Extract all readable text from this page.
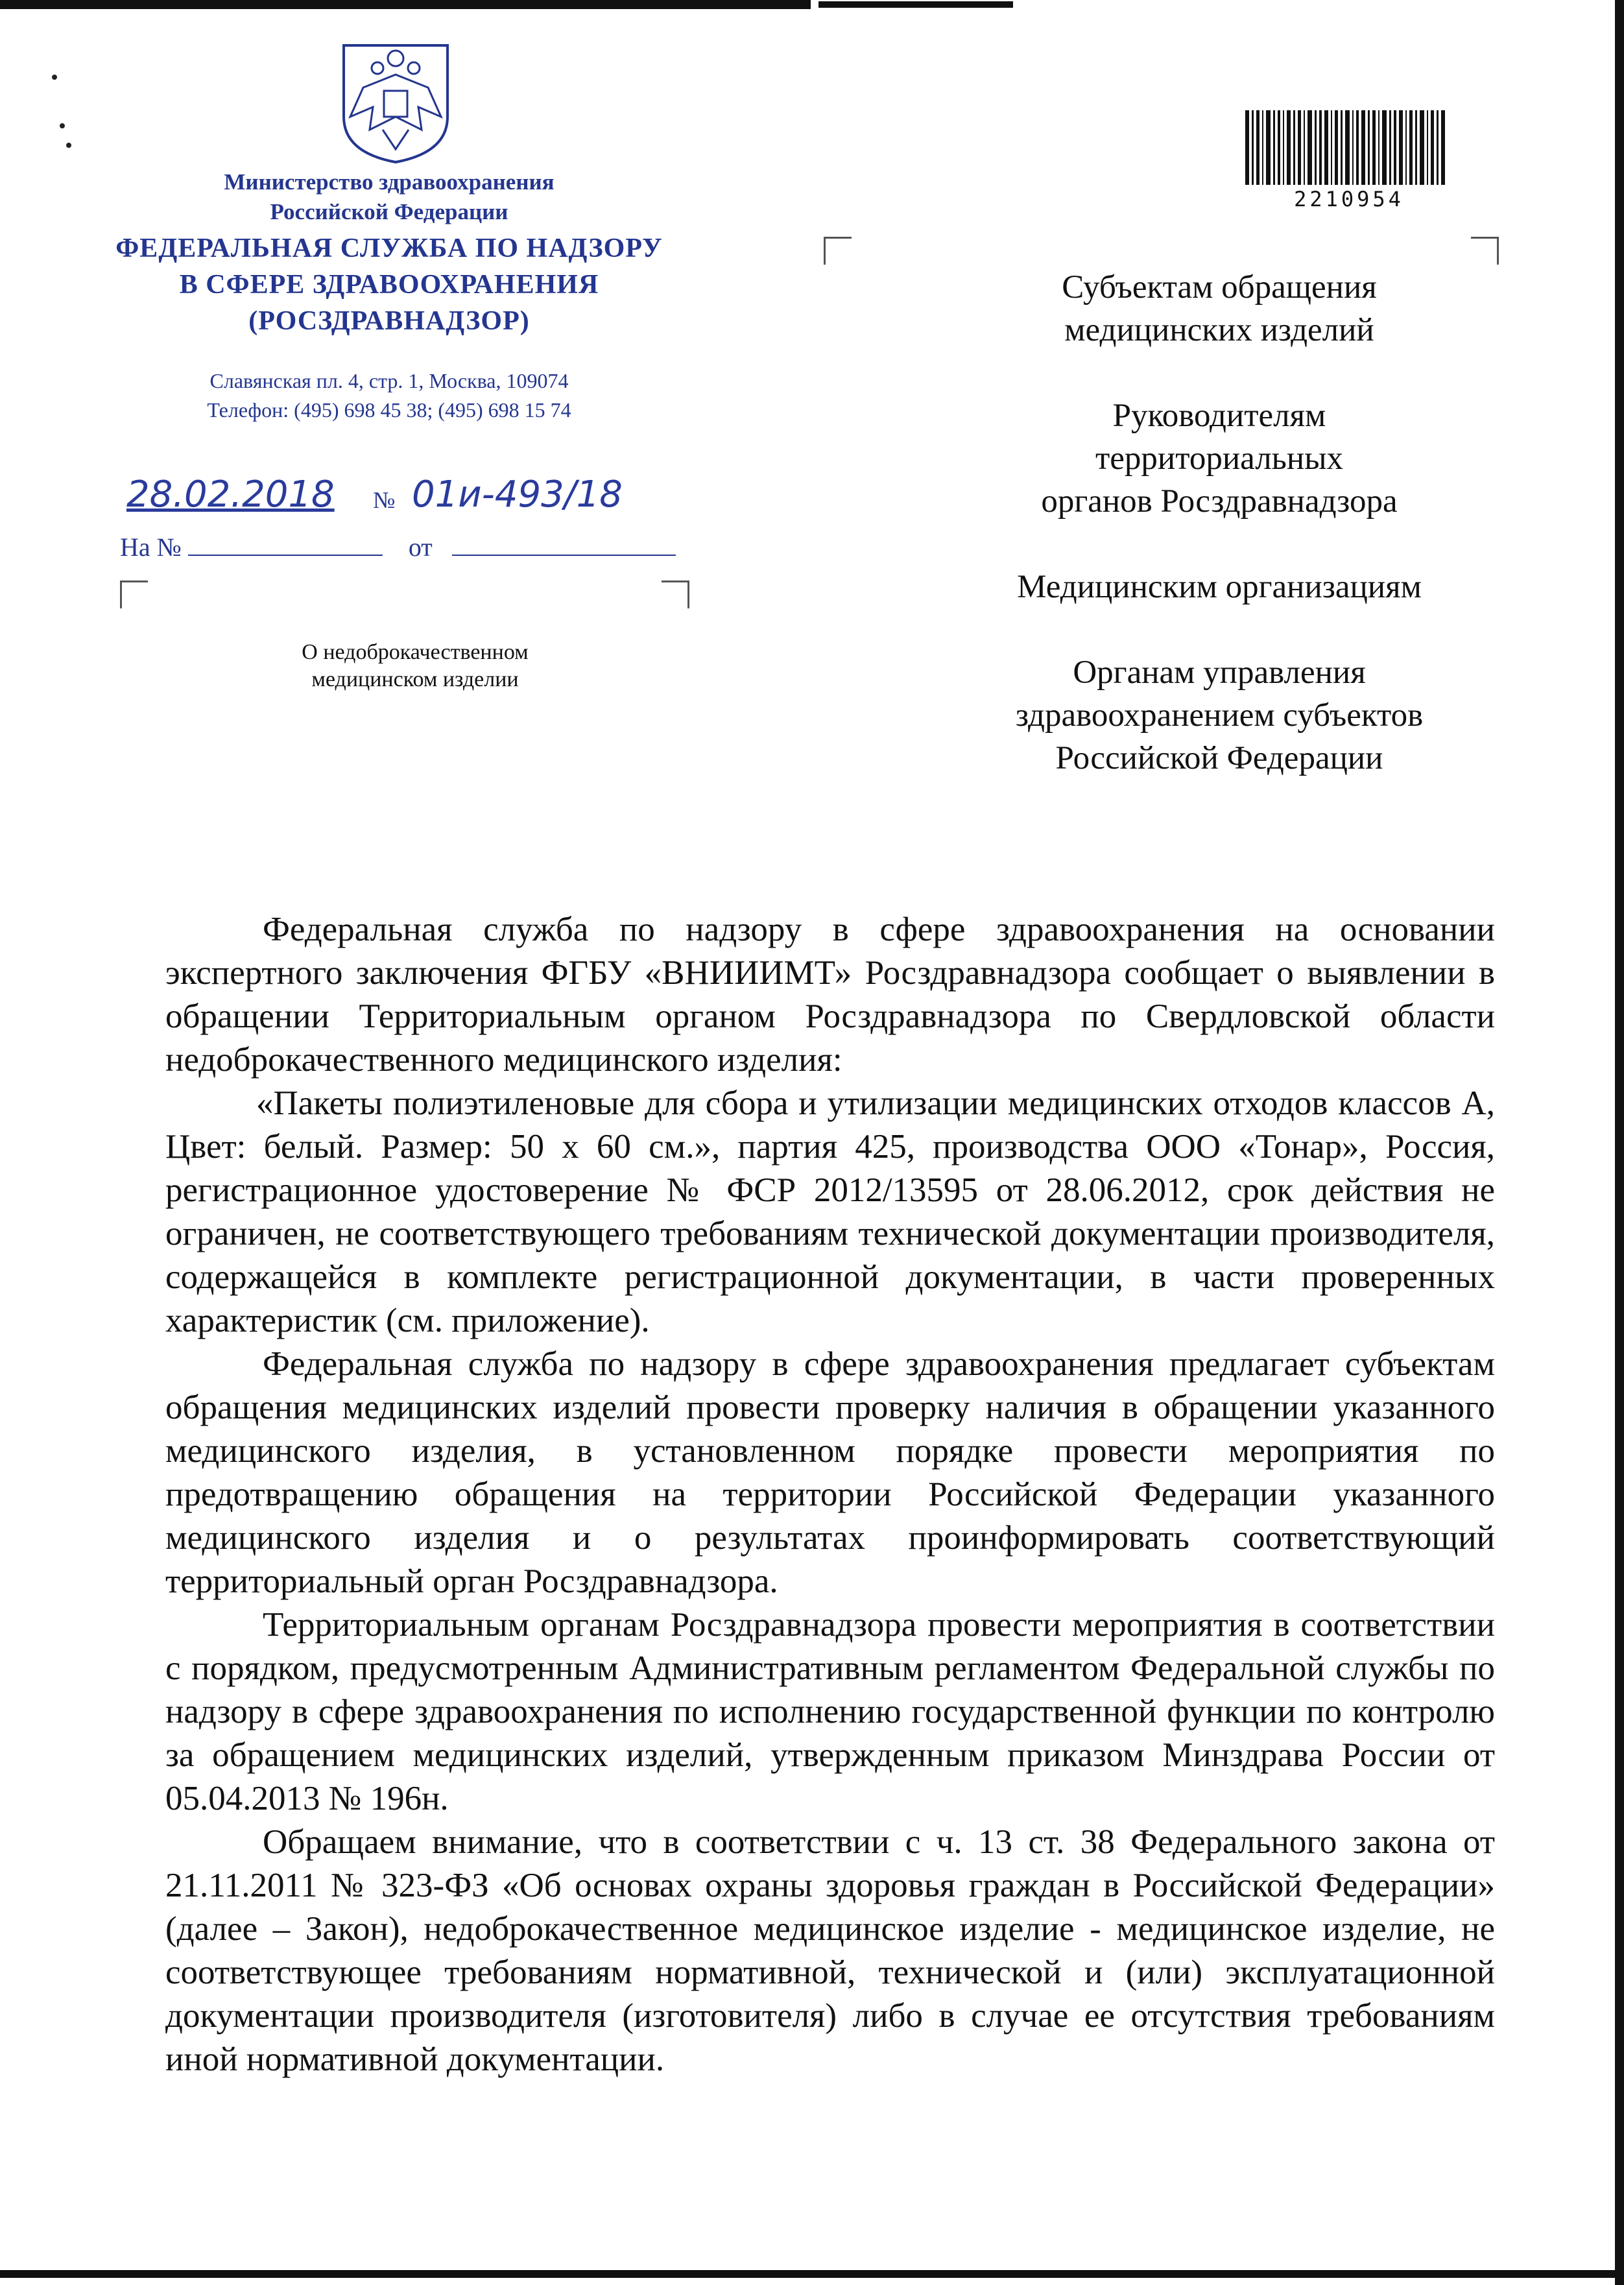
Министерство здравоохранения
Российской Федерации
ФЕДЕРАЛЬНАЯ СЛУЖБА ПО НАДЗОРУ
В СФЕРЕ ЗДРАВООХРАНЕНИЯ
(РОСЗДРАВНАДЗОР)
Славянская пл. 4, стр. 1, Москва, 109074
Телефон: (495) 698 45 38; (495) 698 15 74
28.02.2018 № 01и-493/18
На №	от
О недоброкачественном
медицинском изделии
2210954
Субъектам обращения
медицинских изделий
Руководителям
территориальных
органов Росздравнадзора
Медицинским организациям
Органам управления
здравоохранением субъектов
Российской Федерации

Федеральная служба по надзору в сфере здравоохранения на основании экспертного заключения ФГБУ «ВНИИИМТ» Росздравнадзора сообщает о выявлении в обращении Территориальным органом Росздравнадзора по Свердловской области недоброкачественного медицинского изделия:

«Пакеты полиэтиленовые для сбора и утилизации медицинских отходов классов А, Цвет: белый. Размер: 50 х 60 см.», партия 425, производства ООО «Тонар», Россия, регистрационное удостоверение № ФСР 2012/13595 от 28.06.2012, срок действия не ограничен, не соответствующего требованиям технической документации производителя, содержащейся в комплекте регистрационной документации, в части проверенных характеристик (см. приложение).

Федеральная служба по надзору в сфере здравоохранения предлагает субъектам обращения медицинских изделий провести проверку наличия в обращении указанного медицинского изделия, в установленном порядке провести мероприятия по предотвращению обращения на территории Российской Федерации указанного медицинского изделия и о результатах проинформировать соответствующий территориальный орган Росздравнадзора.

Территориальным органам Росздравнадзора провести мероприятия в соответствии с порядком, предусмотренным Административным регламентом Федеральной службы по надзору в сфере здравоохранения по исполнению государственной функции по контролю за обращением медицинских изделий, утвержденным приказом Минздрава России от 05.04.2013 № 196н.

Обращаем внимание, что в соответствии с ч. 13 ст. 38 Федерального закона от 21.11.2011 № 323-ФЗ «Об основах охраны здоровья граждан в Российской Федерации» (далее – Закон), недоброкачественное медицинское изделие - медицинское изделие, не соответствующее требованиям нормативной, технической и (или) эксплуатационной документации производителя (изготовителя) либо в случае ее отсутствия требованиям иной нормативной документации.
